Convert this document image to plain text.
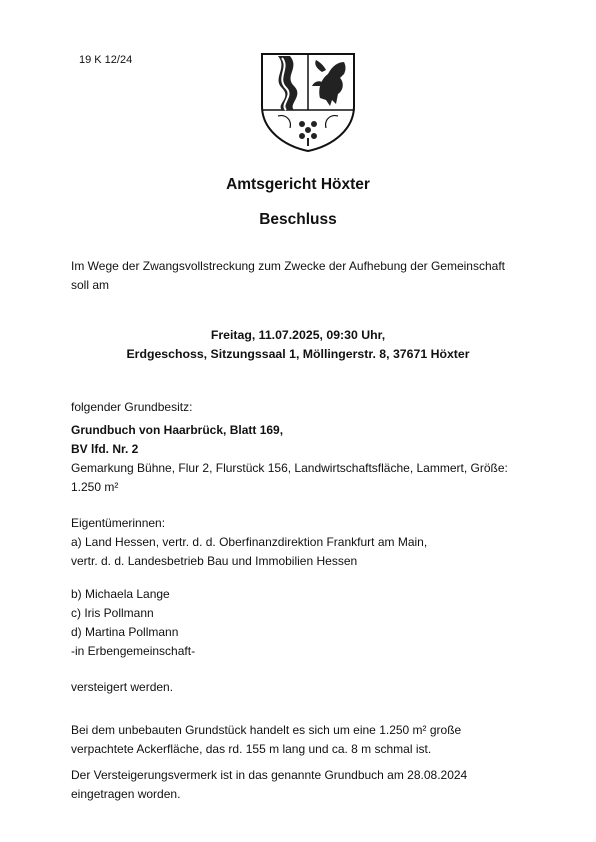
19 K 12/24
Amtsgericht Höxter
Beschluss
Im Wege der Zwangsvollstreckung zum Zwecke der Aufhebung der Gemeinschaft
soll am
Freitag, 11.07.2025, 09:30 Uhr,
Erdgeschoss, Sitzungssaal 1, Möllingerstr. 8, 37671 Höxter
folgender Grundbesitz:
Grundbuch von Haarbrück, Blatt 169,
BV lfd. Nr. 2
Gemarkung Bühne, Flur 2, Flurstück 156, Landwirtschaftsfläche, Lammert, Größe:
1.250 m²
Eigentümerinnen:
a) Land Hessen, vertr. d. d. Oberfinanzdirektion Frankfurt am Main,
vertr. d. d. Landesbetrieb Bau und Immobilien Hessen
b) Michaela Lange
c) Iris Pollmann
d) Martina Pollmann
-in Erbengemeinschaft-
versteigert werden.
Bei dem unbebauten Grundstück handelt es sich um eine 1.250 m² große
verpachtete Ackerfläche, das rd. 155 m lang und ca. 8 m schmal ist.
Der Versteigerungsvermerk ist in das genannte Grundbuch am 28.08.2024
eingetragen worden.
